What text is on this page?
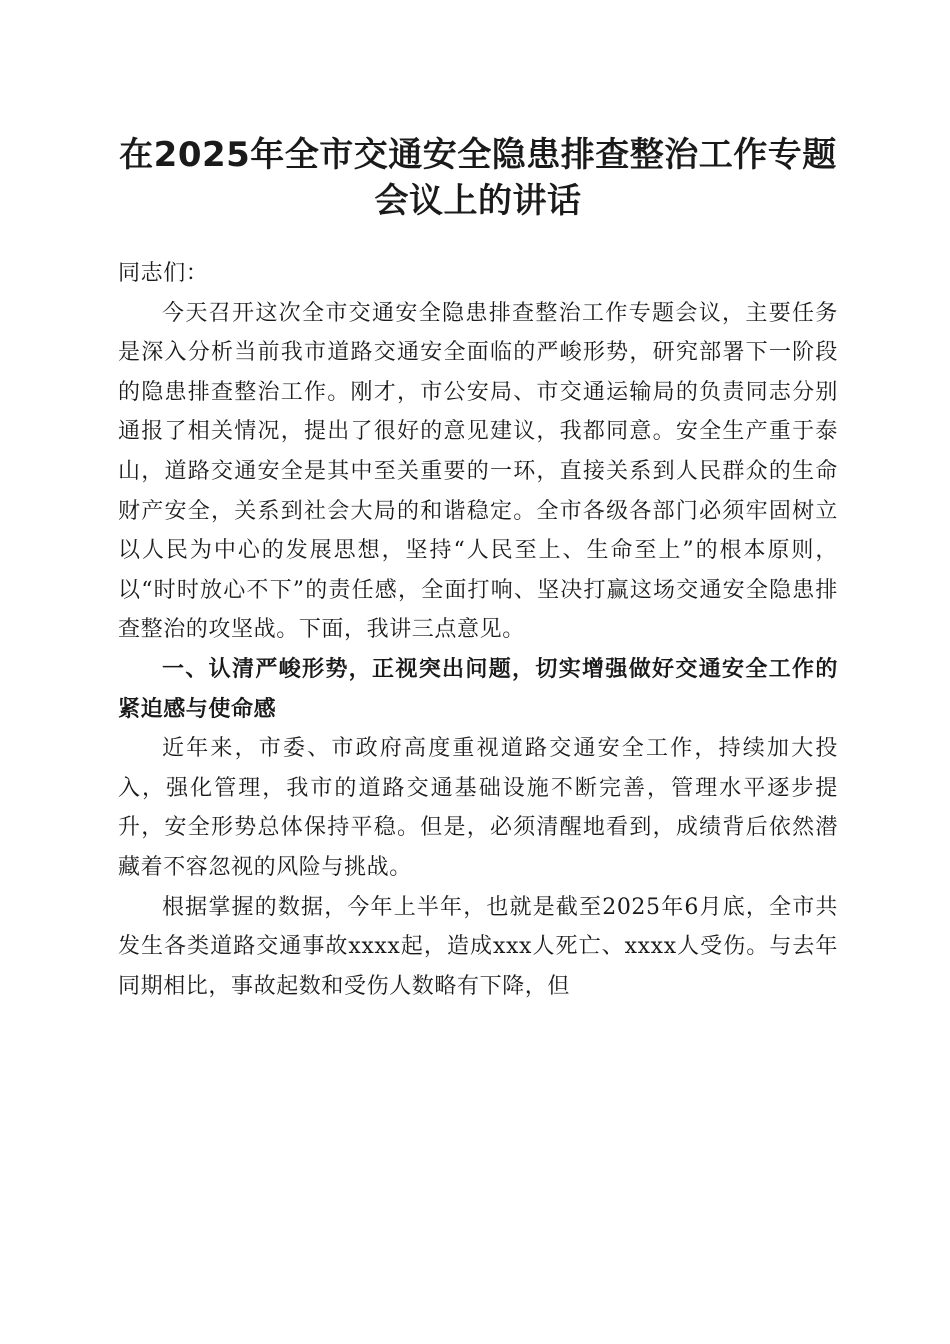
在2025年全市交通安全隐患排查整治工作专题会议上的讲话

同志们：

今天召开这次全市交通安全隐患排查整治工作专题会议，主要任务是深入分析当前我市道路交通安全面临的严峻形势，研究部署下一阶段的隐患排查整治工作。刚才，市公安局、市交通运输局的负责同志分别通报了相关情况，提出了很好的意见建议，我都同意。安全生产重于泰山，道路交通安全是其中至关重要的一环，直接关系到人民群众的生命财产安全，关系到社会大局的和谐稳定。全市各级各部门必须牢固树立以人民为中心的发展思想，坚持“人民至上、生命至上”的根本原则，以“时时放心不下”的责任感，全面打响、坚决打赢这场交通安全隐患排查整治的攻坚战。下面，我讲三点意见。

一、认清严峻形势，正视突出问题，切实增强做好交通安全工作的紧迫感与使命感

近年来，市委、市政府高度重视道路交通安全工作，持续加大投入，强化管理，我市的道路交通基础设施不断完善，管理水平逐步提升，安全形势总体保持平稳。但是，必须清醒地看到，成绩背后依然潜藏着不容忽视的风险与挑战。

根据掌握的数据，今年上半年，也就是截至2025年6月底，全市共发生各类道路交通事故xxxx起，造成xxx人死亡、xxxx人受伤。与去年同期相比，事故起数和受伤人数略有下降，但
